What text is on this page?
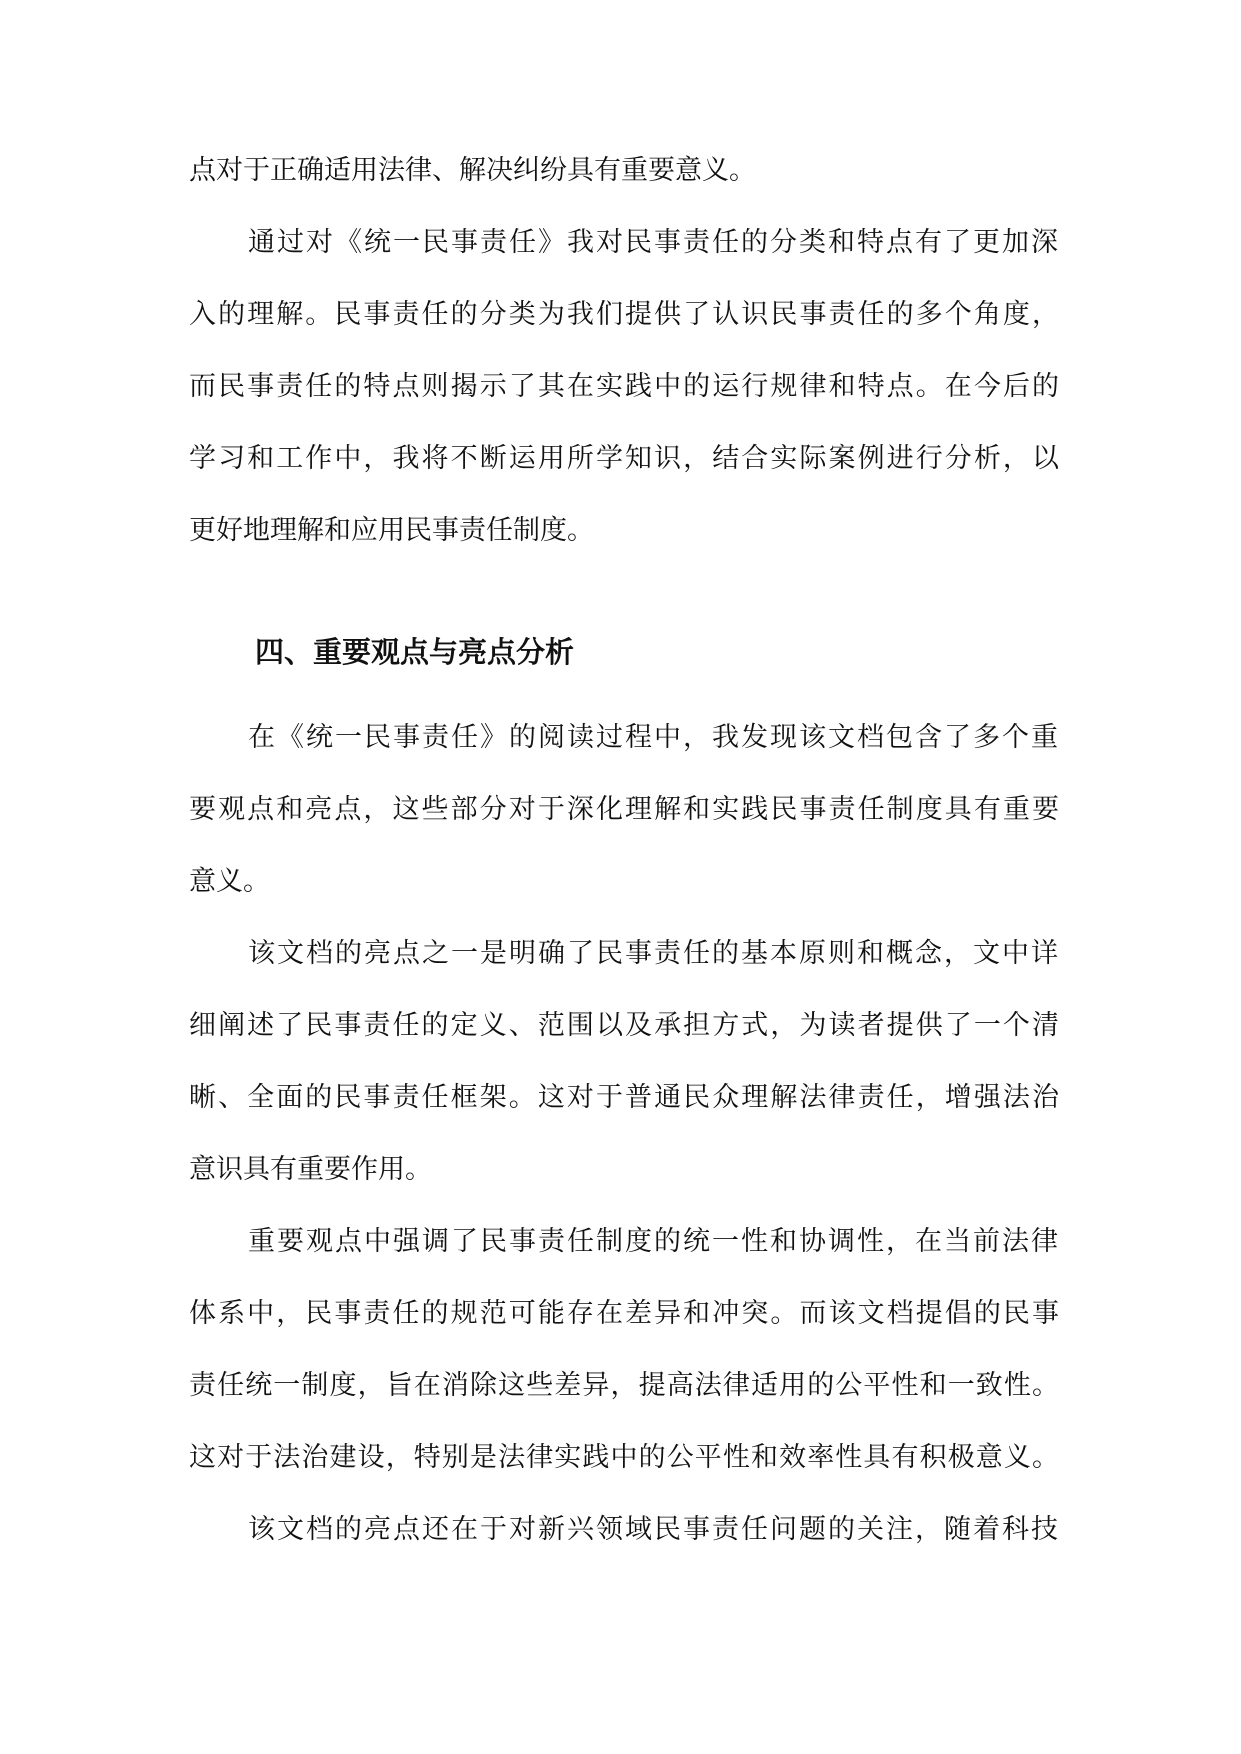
点对于正确适用法律、解决纠纷具有重要意义。
通过对《统一民事责任》我对民事责任的分类和特点有了更加深
入的理解。民事责任的分类为我们提供了认识民事责任的多个角度，
而民事责任的特点则揭示了其在实践中的运行规律和特点。在今后的
学习和工作中，我将不断运用所学知识，结合实际案例进行分析，以
更好地理解和应用民事责任制度。
四、重要观点与亮点分析
在《统一民事责任》的阅读过程中，我发现该文档包含了多个重
要观点和亮点，这些部分对于深化理解和实践民事责任制度具有重要
意义。
该文档的亮点之一是明确了民事责任的基本原则和概念，文中详
细阐述了民事责任的定义、范围以及承担方式，为读者提供了一个清
晰、全面的民事责任框架。这对于普通民众理解法律责任，增强法治
意识具有重要作用。
重要观点中强调了民事责任制度的统一性和协调性，在当前法律
体系中，民事责任的规范可能存在差异和冲突。而该文档提倡的民事
责任统一制度，旨在消除这些差异，提高法律适用的公平性和一致性。
这对于法治建设，特别是法律实践中的公平性和效率性具有积极意义。
该文档的亮点还在于对新兴领域民事责任问题的关注，随着科技
